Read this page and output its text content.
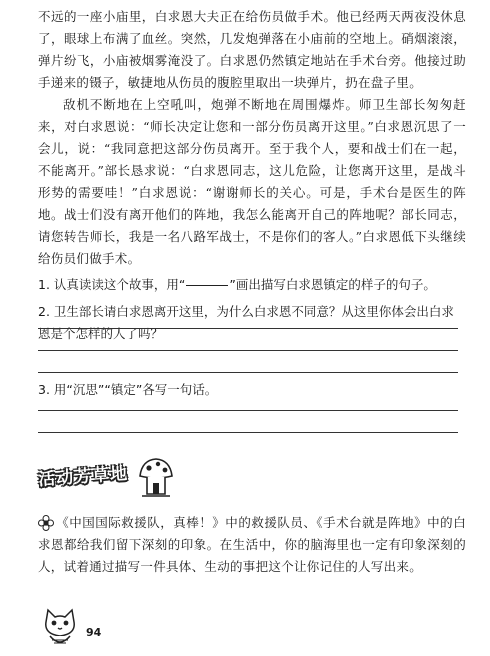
不远的一座小庙里，白求恩大夫正在给伤员做手术。他已经两天两夜没休息了，眼球上布满了血丝。突然，几发炮弹落在小庙前的空地上。硝烟滚滚，弹片纷飞，小庙被烟雾淹没了。白求恩仍然镇定地站在手术台旁。他接过助手递来的镊子，敏捷地从伤员的腹腔里取出一块弹片，扔在盘子里。

敌机不断地在上空吼叫，炮弹不断地在周围爆炸。师卫生部长匆匆赶来，对白求恩说：“师长决定让您和一部分伤员离开这里。”白求恩沉思了一会儿，说：“我同意把这部分伤员离开。至于我个人，要和战士们在一起，不能离开。”部长恳求说：“白求恩同志，这儿危险，让您离开这里，是战斗形势的需要哇！”白求恩说：“谢谢师长的关心。可是，手术台是医生的阵地。战士们没有离开他们的阵地，我怎么能离开自己的阵地呢？部长同志，请您转告师长，我是一名八路军战士，不是你们的客人。”白求恩低下头继续给伤员们做手术。

1. 认真读读这个故事，用“	”画出描写白求恩镇定的样子的句子。
2. 卫生部长请白求恩离开这里，为什么白求恩不同意？从这里你体会出白求恩是个怎样的人了吗？
3. 用“沉思”“镇定”各写一句话。
活动芳草地
《中国国际救援队，真棒！》中的救援队员、《手术台就是阵地》中的白求恩都给我们留下深刻的印象。在生活中，你的脑海里也一定有印象深刻的人，试着通过描写一件具体、生动的事把这个让你记住的人写出来。
94
